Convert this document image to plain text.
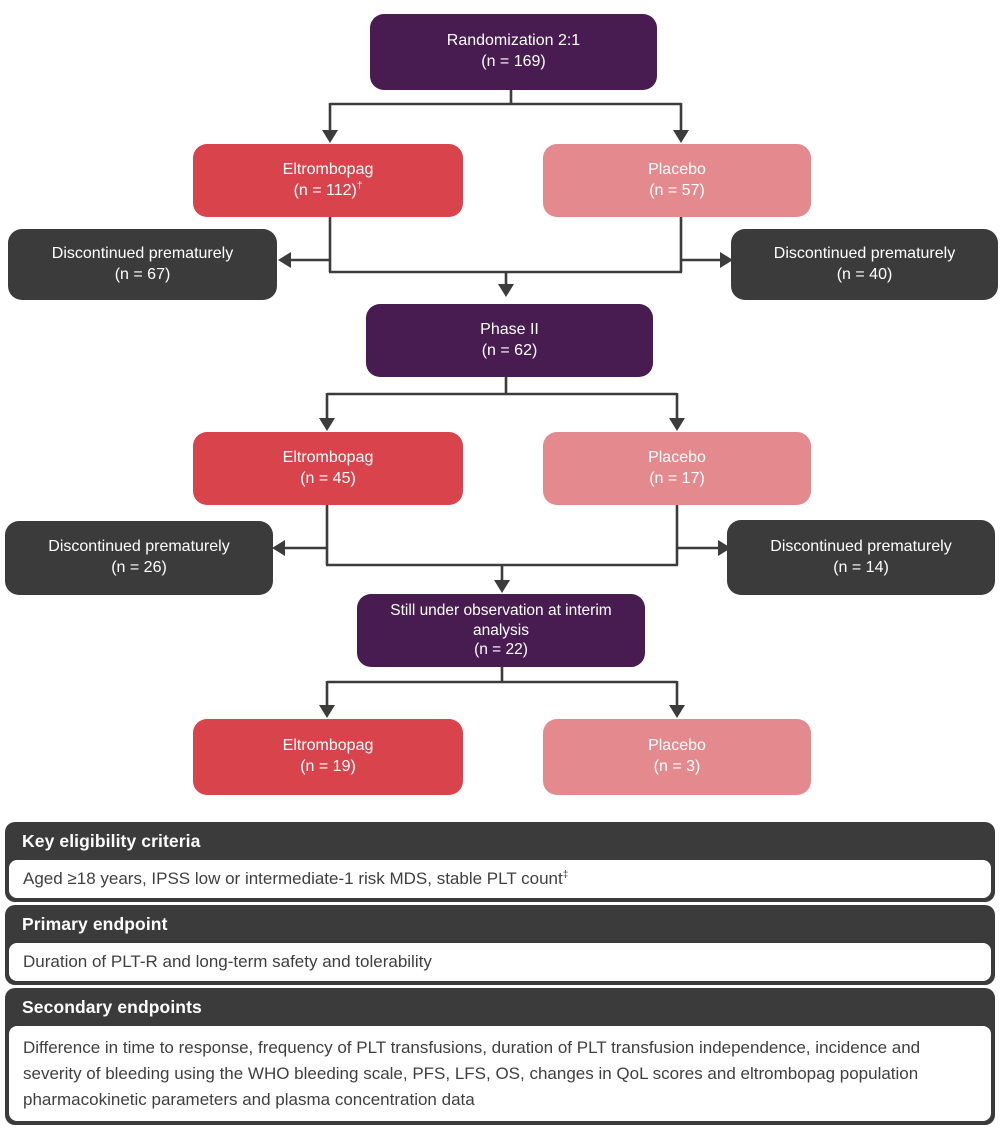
Randomization 2:1
(n = 169)
Eltrombopag
(n = 112)†
Placebo
(n = 57)
Discontinued prematurely
(n = 67)
Discontinued prematurely
(n = 40)
Phase II
(n = 62)
Eltrombopag
(n = 45)
Placebo
(n = 17)
Discontinued prematurely
(n = 26)
Discontinued prematurely
(n = 14)
Still under observation at interim analysis
(n = 22)
Eltrombopag
(n = 19)
Placebo
(n = 3)
Key eligibility criteria
Aged ≥18 years, IPSS low or intermediate-1 risk MDS, stable PLT count‡
Primary endpoint
Duration of PLT-R and long-term safety and tolerability
Secondary endpoints
Difference in time to response, frequency of PLT transfusions, duration of PLT transfusion independence, incidence and severity of bleeding using the WHO bleeding scale, PFS, LFS, OS, changes in QoL scores and eltrombopag population pharmacokinetic parameters and plasma concentration data
